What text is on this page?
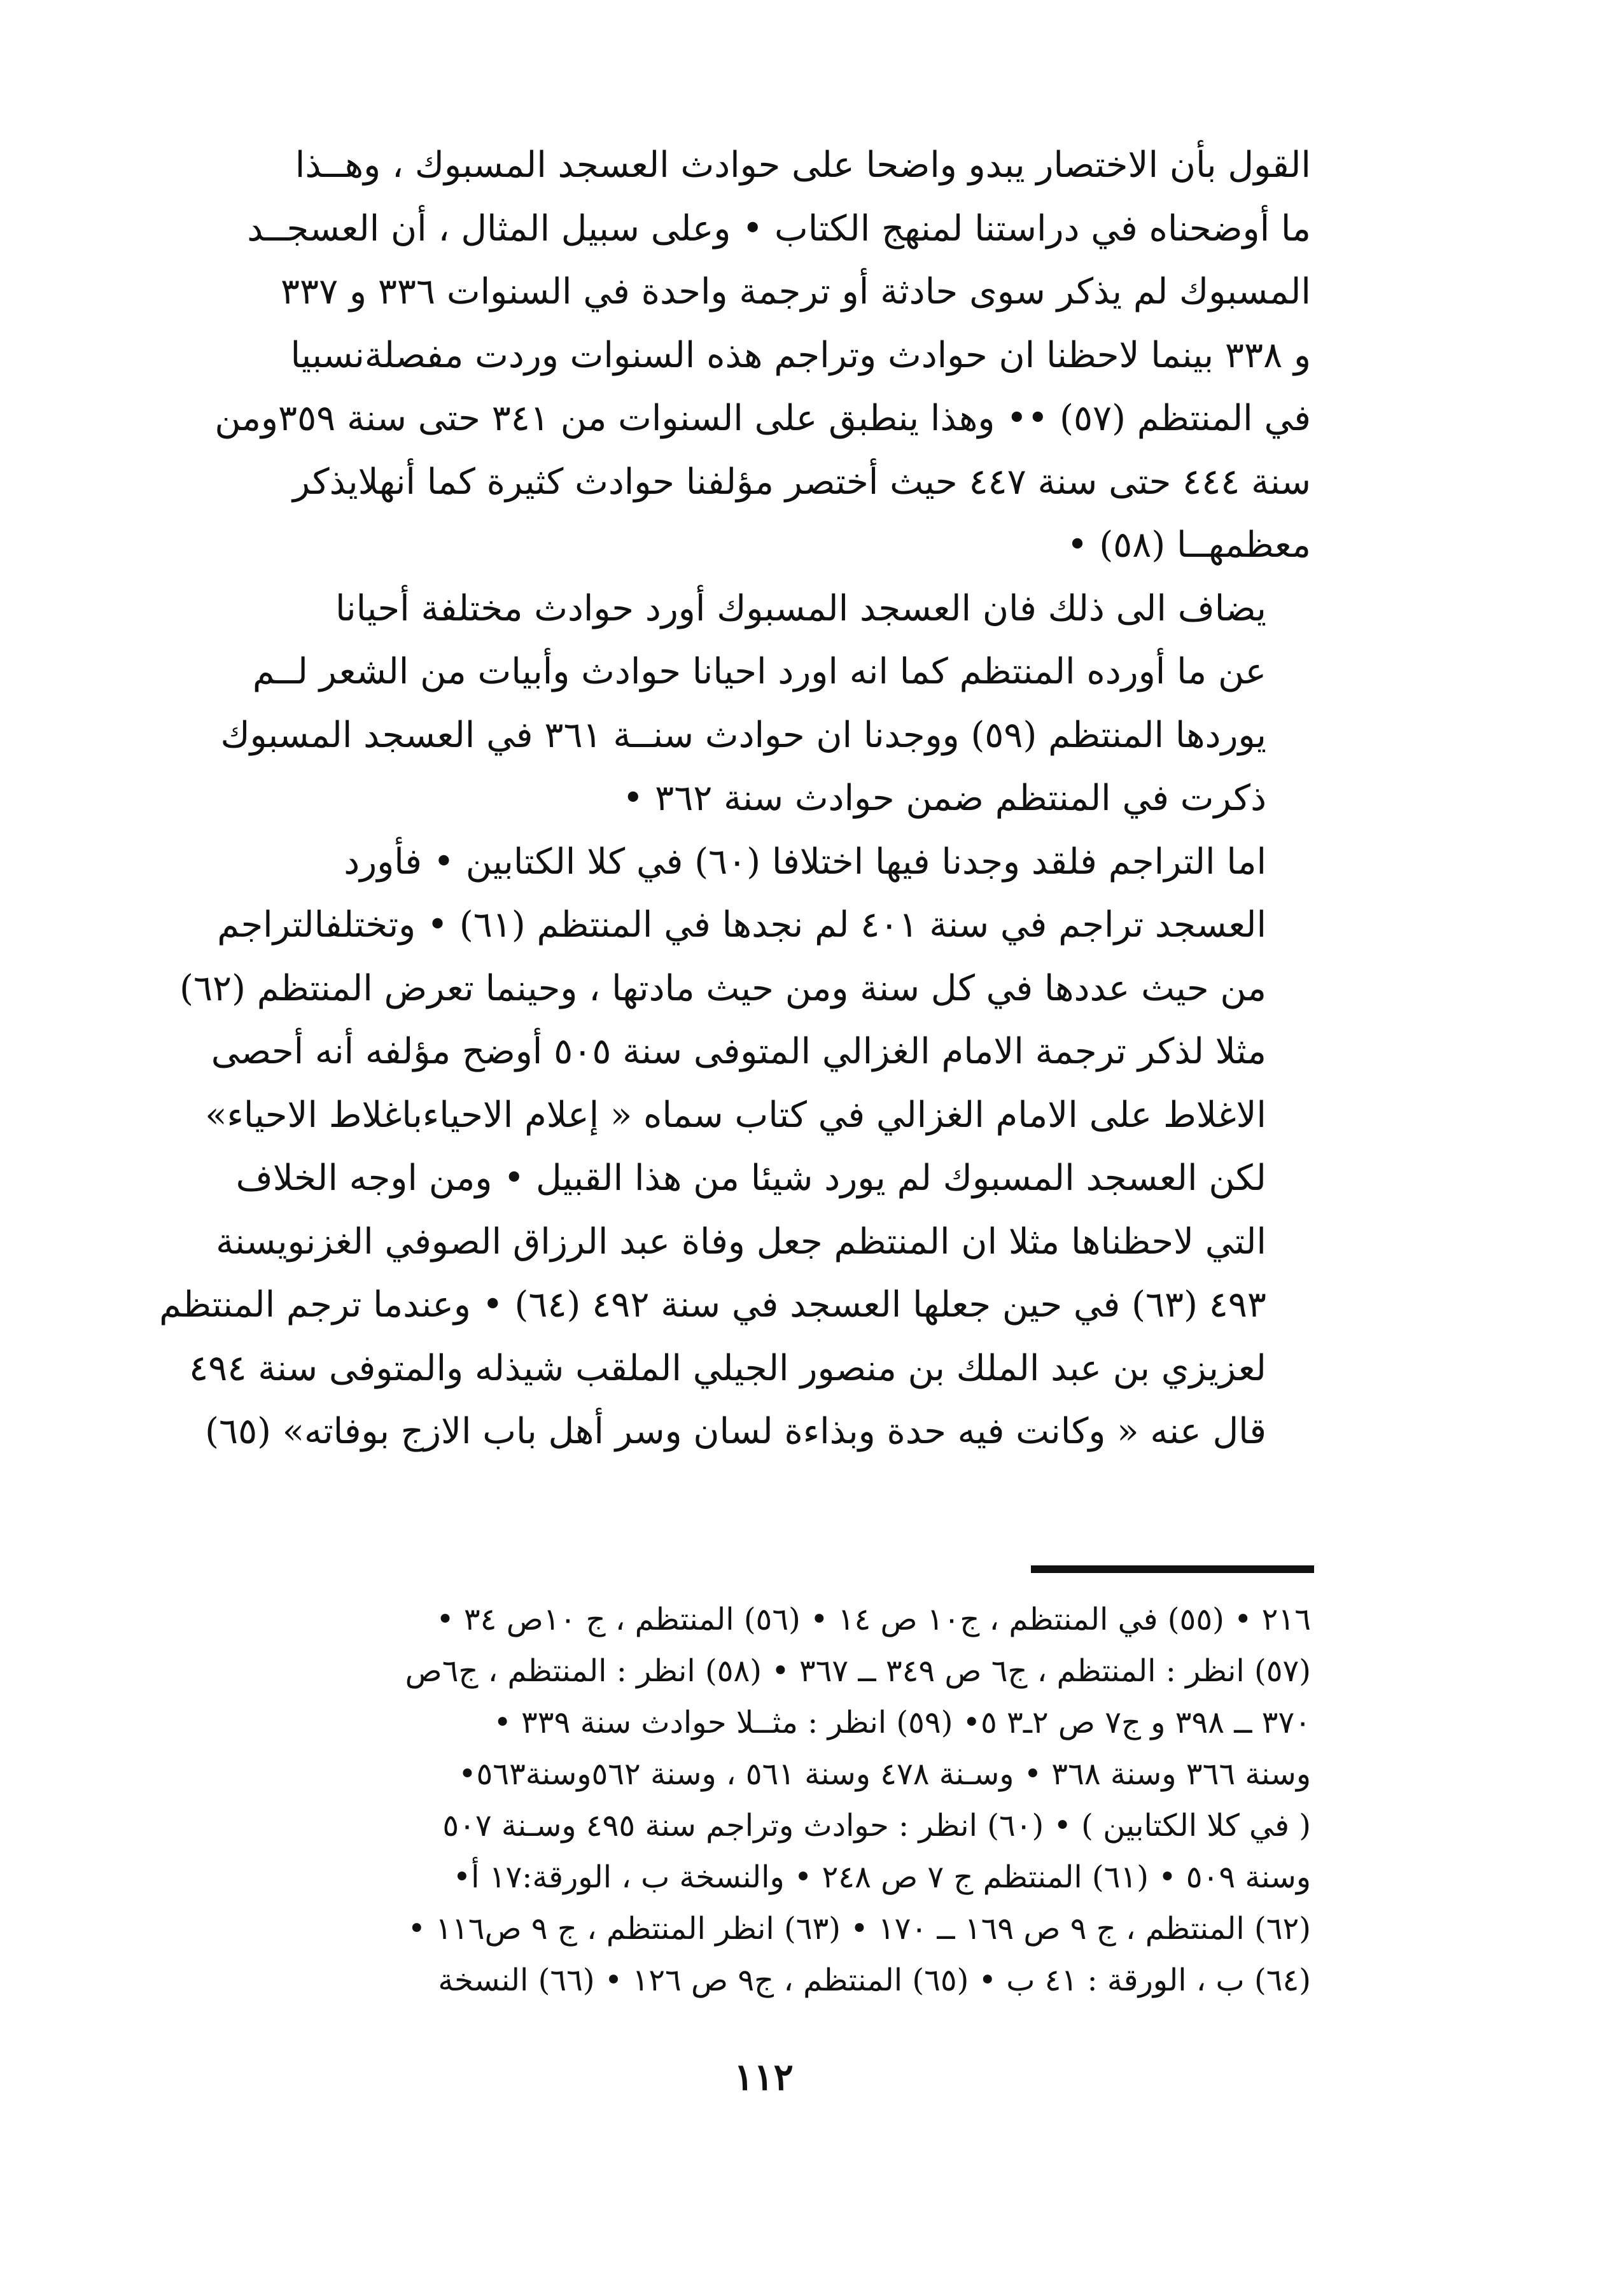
القول بأن الاختصار يبدو واضحا على حوادث العسجد المسبوك ، وهــذا
ما أوضحناه في دراستنا لمنهج الكتاب • وعلى سبيل المثال ، أن العسجــد
المسبوك لم يذكر سوى حادثة أو ترجمة واحدة في السنوات ٣٣٦ و ٣٣٧
و ٣٣٨ بينما لاحظنا ان حوادث وتراجم هذه السنوات وردت مفصلةنسبيا
في المنتظم (٥٧) •• وهذا ينطبق على السنوات من ٣٤١ حتى سنة ٣٥٩ومن
سنة ٤٤٤ حتى سنة ٤٤٧ حيث أختصر مؤلفنا حوادث كثيرة كما أنهلايذكر
معظمهــا (٥٨) •

يضاف الى ذلك فان العسجد المسبوك أورد حوادث مختلفة أحيانا
عن ما أورده المنتظم كما انه اورد احيانا حوادث وأبيات من الشعر لــم
يوردها المنتظم (٥٩) ووجدنا ان حوادث سنــة ٣٦١ في العسجد المسبوك
ذكرت في المنتظم ضمن حوادث سنة ٣٦٢ •

اما التراجم فلقد وجدنا فيها اختلافا (٦٠) في كلا الكتابين • فأورد
العسجد تراجم في سنة ٤٠١ لم نجدها في المنتظم (٦١) • وتختلفالتراجم
من حيث عددها في كل سنة ومن حيث مادتها ، وحينما تعرض المنتظم (٦٢)
مثلا لذكر ترجمة الامام الغزالي المتوفى سنة ٥٠٥ أوضح مؤلفه أنه أحصى
الاغلاط على الامام الغزالي في كتاب سماه « إعلام الاحياءباغلاط الاحياء»
لكن العسجد المسبوك لم يورد شيئا من هذا القبيل • ومن اوجه الخلاف
التي لاحظناها مثلا ان المنتظم جعل وفاة عبد الرزاق الصوفي الغزنويسنة
٤٩٣ (٦٣) في حين جعلها العسجد في سنة ٤٩٢ (٦٤) • وعندما ترجم المنتظم
لعزيزي بن عبد الملك بن منصور الجيلي الملقب شيذله والمتوفى سنة ٤٩٤
قال عنه « وكانت فيه حدة وبذاءة لسان وسر أهل باب الازج بوفاته» (٦٥)

٢١٦ • (٥٥) في المنتظم ، ج١٠ ص ١٤ • (٥٦) المنتظم ، ج ١٠ص ٣٤ •
(٥٧) انظر : المنتظم ، ج٦ ص ٣٤٩ ــ ٣٦٧ • (٥٨) انظر : المنتظم ، ج٦ص
٣٧٠ ــ ٣٩٨ و ج٧ ص ٢ـ٣ ٥• (٥٩) انظر : مثــلا حوادث سنة ٣٣٩ •
وسنة ٣٦٦ وسنة ٣٦٨ • وسـنة ٤٧٨ وسنة ٥٦١ ، وسنة ٥٦٢وسنة٥٦٣•
( في كلا الكتابين ) • (٦٠) انظر : حوادث وتراجم سنة ٤٩٥ وسـنة ٥٠٧
وسنة ٥٠٩ • (٦١) المنتظم ج ٧ ص ٢٤٨ • والنسخة ب ، الورقة:١٧ أ•
(٦٢) المنتظم ، ج ٩ ص ١٦٩ ــ ١٧٠ • (٦٣) انظر المنتظم ، ج ٩ ص١١٦ •
(٦٤) ب ، الورقة : ٤١ ب • (٦٥) المنتظم ، ج٩ ص ١٢٦ • (٦٦) النسخة
١١٢
